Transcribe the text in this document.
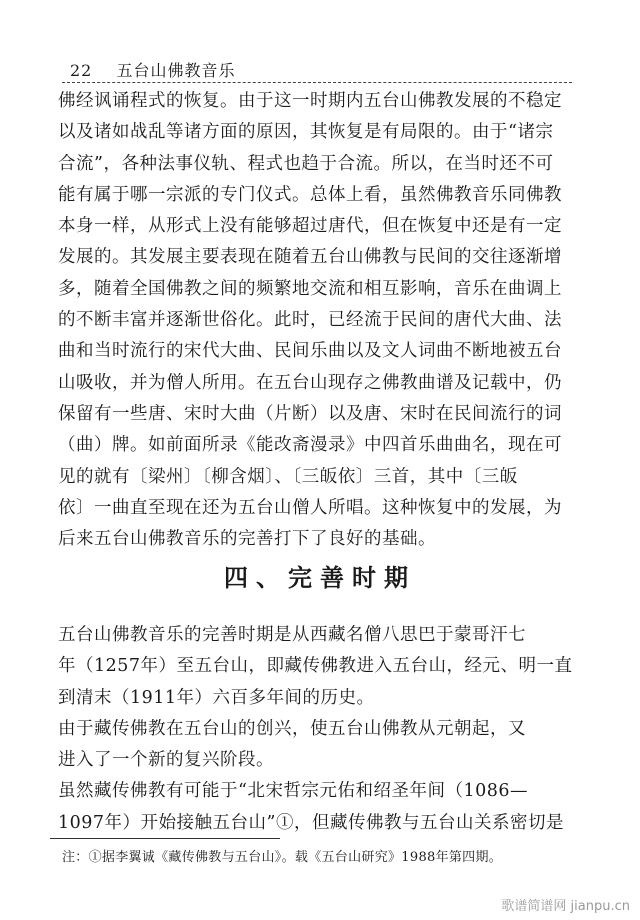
22 五台山佛教音乐
佛经讽诵程式的恢复。由于这一时期内五台山佛教发展的不稳定
以及诸如战乱等诸方面的原因，其恢复是有局限的。由于“诸宗
合流”，各种法事仪轨、程式也趋于合流。所以，在当时还不可
能有属于哪一宗派的专门仪式。总体上看，虽然佛教音乐同佛教
本身一样，从形式上没有能够超过唐代，但在恢复中还是有一定
发展的。其发展主要表现在随着五台山佛教与民间的交往逐渐增
多，随着全国佛教之间的频繁地交流和相互影响，音乐在曲调上
的不断丰富并逐渐世俗化。此时，已经流于民间的唐代大曲、法
曲和当时流行的宋代大曲、民间乐曲以及文人词曲不断地被五台
山吸收，并为僧人所用。在五台山现存之佛教曲谱及记载中，仍
保留有一些唐、宋时大曲（片断）以及唐、宋时在民间流行的词
（曲）牌。如前面所录《能改斋漫录》中四首乐曲曲名，现在可
见的就有〔梁州〕〔柳含烟〕、〔三皈依〕三首，其中〔三皈
依〕一曲直至现在还为五台山僧人所唱。这种恢复中的发展，为
后来五台山佛教音乐的完善打下了良好的基础。
四、完善时期
五台山佛教音乐的完善时期是从西藏名僧八思巴于蒙哥汗七
年（1257年）至五台山，即藏传佛教进入五台山，经元、明一直
到清末（1911年）六百多年间的历史。
由于藏传佛教在五台山的创兴，使五台山佛教从元朝起，又
进入了一个新的复兴阶段。
虽然藏传佛教有可能于“北宋哲宗元佑和绍圣年间（1086—
1097年）开始接触五台山”①，但藏传佛教与五台山关系密切是
注：①据李翼诚《藏传佛教与五台山》。载《五台山研究》1988年第四期。
歌谱简谱网 jianpu.cn
